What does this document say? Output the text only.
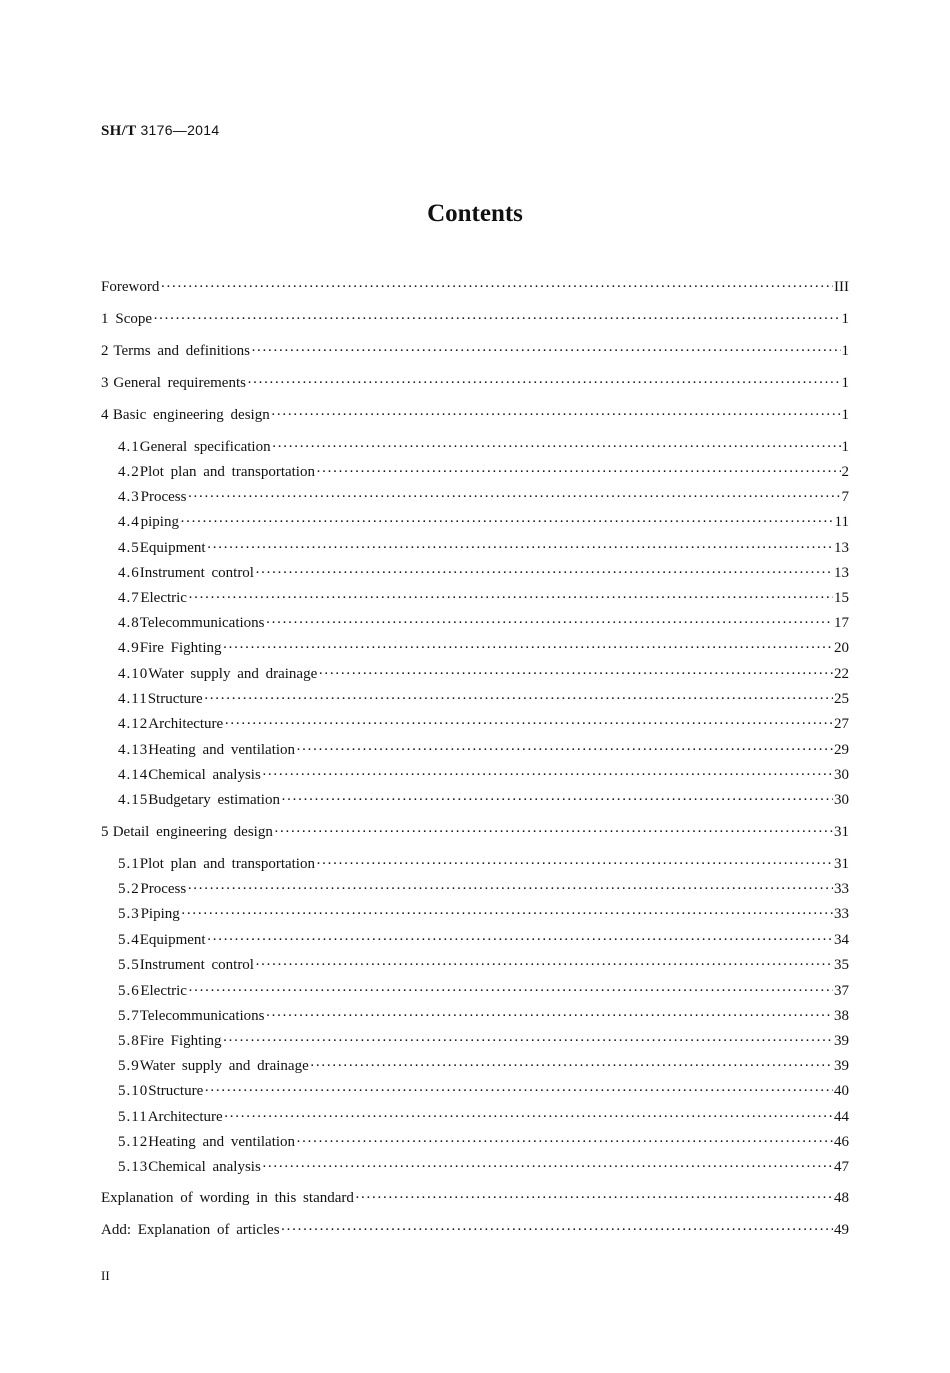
SH/T 3176—2014
Contents
Foreword ·····	III
1 Scope ·····	1
2 Terms and definitions ·····	1
3 General requirements ·····	1
4 Basic engineering design ·····	1
4.1 General specification ·····	1
4.2 Plot plan and transportation ·····	2
4.3 Process ·····	7
4.4 piping ·····	11
4.5 Equipment ·····	13
4.6 Instrument control ·····	13
4.7 Electric ·····	15
4.8 Telecommunications ·····	17
4.9 Fire Fighting ·····	20
4.10 Water supply and drainage ·····	22
4.11 Structure ·····	25
4.12 Architecture ·····	27
4.13 Heating and ventilation ·····	29
4.14 Chemical analysis ·····	30
4.15 Budgetary estimation ·····	30
5 Detail engineering design ·····	31
5.1 Plot plan and transportation ·····	31
5.2 Process ·····	33
5.3 Piping ·····	33
5.4 Equipment ·····	34
5.5 Instrument control ·····	35
5.6 Electric ·····	37
5.7 Telecommunications ·····	38
5.8 Fire Fighting ·····	39
5.9 Water supply and drainage ·····	39
5.10 Structure ·····	40
5.11 Architecture ·····	44
5.12 Heating and ventilation ·····	46
5.13 Chemical analysis ·····	47
Explanation of wording in this standard ·····	48
Add: Explanation of articles ·····	49
II
